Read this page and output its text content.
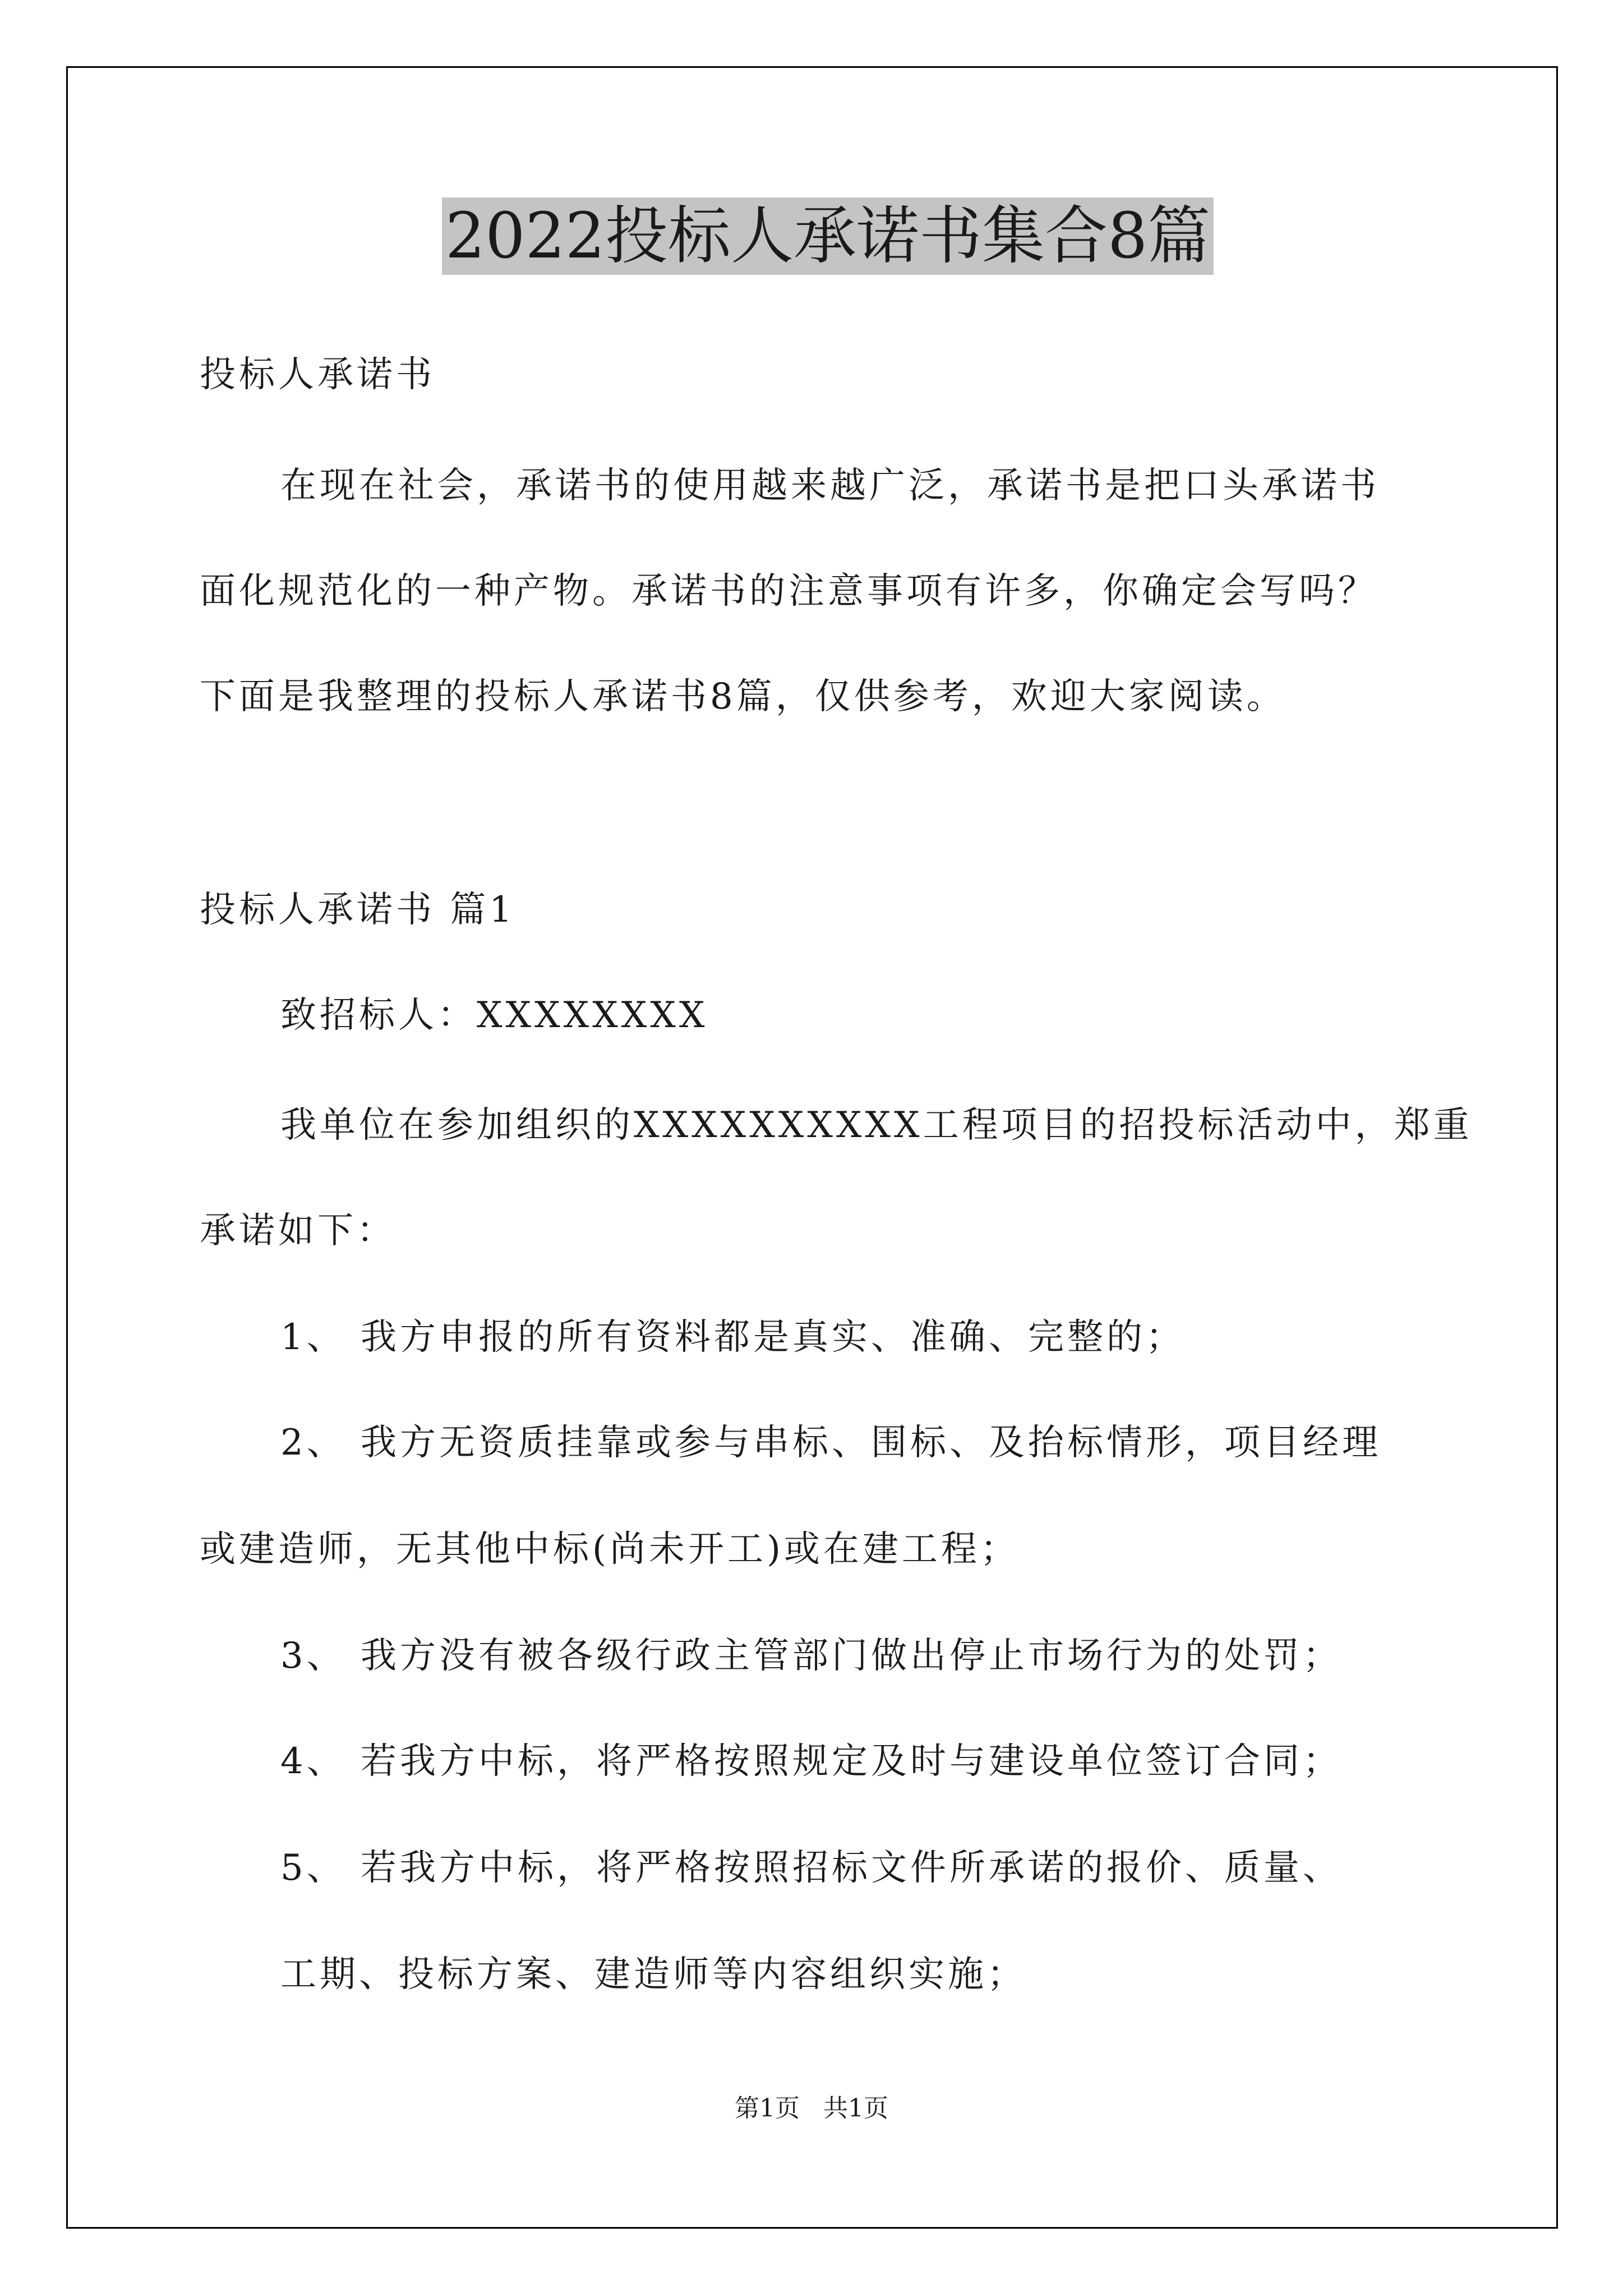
2022投标人承诺书集合8篇
投标人承诺书
在现在社会，承诺书的使用越来越广泛，承诺书是把口头承诺书
面化规范化的一种产物。承诺书的注意事项有许多，你确定会写吗？
下面是我整理的投标人承诺书8篇，仅供参考，欢迎大家阅读。
投标人承诺书 篇1
致招标人：XXXXXXXX
我单位在参加组织的XXXXXXXXXX工程项目的招投标活动中，郑重
承诺如下：
1、 我方申报的所有资料都是真实、准确、完整的；
2、 我方无资质挂靠或参与串标、围标、及抬标情形，项目经理
或建造师，无其他中标(尚未开工)或在建工程；
3、 我方没有被各级行政主管部门做出停止市场行为的处罚；
4、 若我方中标，将严格按照规定及时与建设单位签订合同；
5、 若我方中标，将严格按照招标文件所承诺的报价、质量、
工期、投标方案、建造师等内容组织实施；
第1页   共1页
